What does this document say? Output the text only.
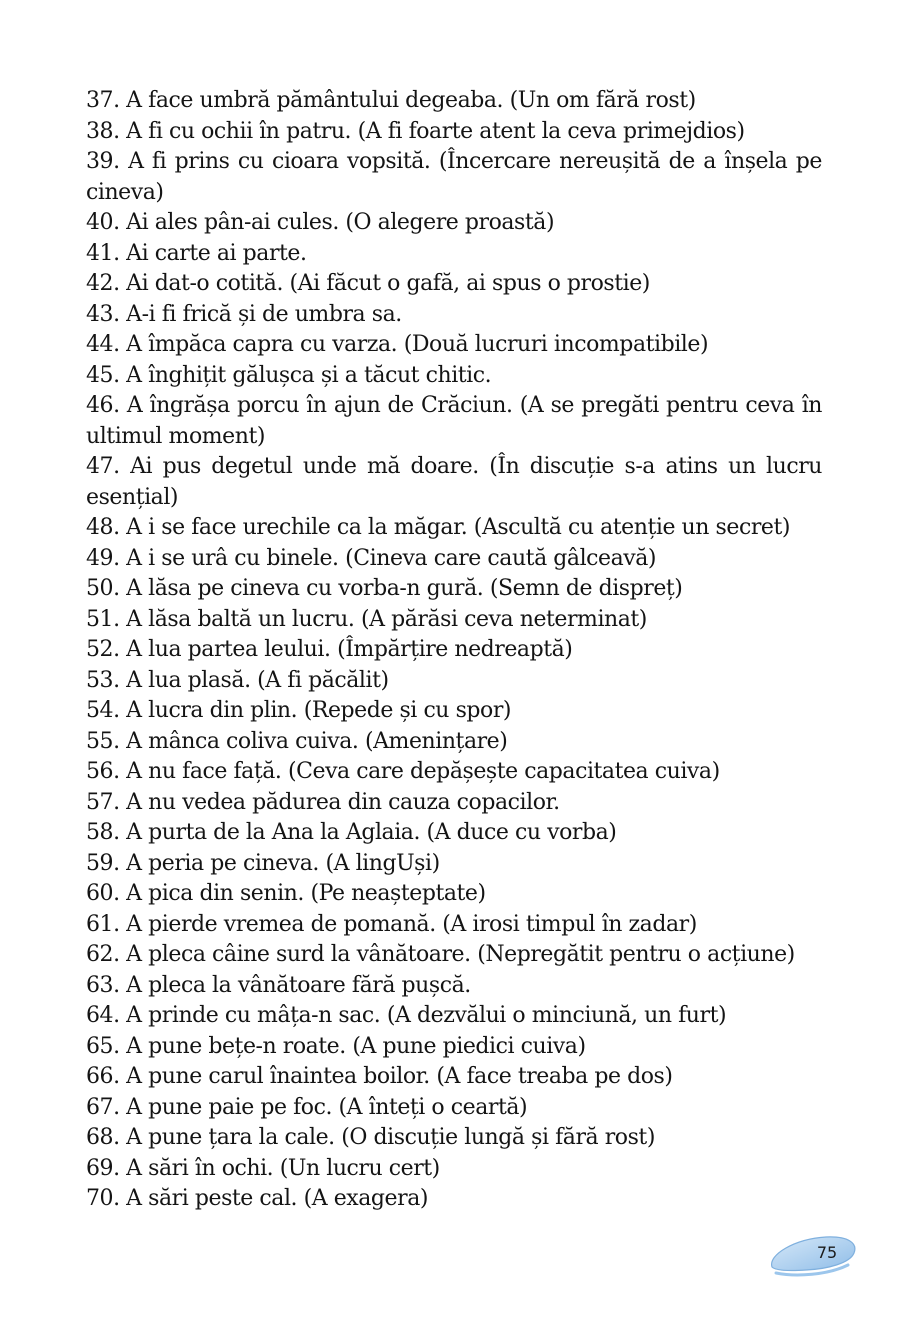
37. A face umbră pământului degeaba. (Un om fără rost)
38. A fi cu ochii în patru. (A fi foarte atent la ceva primejdios)
39. A fi prins cu cioara vopsită. (Încercare nereușită de a înșela pe cineva)
40. Ai ales pân-ai cules. (O alegere proastă)
41. Ai carte ai parte.
42. Ai dat-o cotită. (Ai făcut o gafă, ai spus o prostie)
43. A-i fi frică și de umbra sa.
44. A împăca capra cu varza. (Două lucruri incompatibile)
45. A înghițit gălușca și a tăcut chitic.
46. A îngrășa porcu în ajun de Crăciun. (A se pregăti pentru ceva în ultimul moment)
47. Ai pus degetul unde mă doare. (În discuție s-a atins un lucru esențial)
48. A i se face urechile ca la măgar. (Ascultă cu atenție un secret)
49. A i se urâ cu binele. (Cineva care caută gâlceavă)
50. A lăsa pe cineva cu vorba-n gură. (Semn de dispreț)
51. A lăsa baltă un lucru. (A părăsi ceva neterminat)
52. A lua partea leului. (Împărțire nedreaptă)
53. A lua plasă. (A fi păcălit)
54. A lucra din plin. (Repede și cu spor)
55. A mânca coliva cuiva. (Amenințare)
56. A nu face față. (Ceva care depășește capacitatea cuiva)
57. A nu vedea pădurea din cauza copacilor.
58. A purta de la Ana la Aglaia. (A duce cu vorba)
59. A peria pe cineva. (A lingUși)
60. A pica din senin. (Pe neașteptate)
61. A pierde vremea de pomană. (A irosi timpul în zadar)
62. A pleca câine surd la vânătoare. (Nepregătit pentru o acțiune)
63. A pleca la vânătoare fără pușcă.
64. A prinde cu mâța-n sac. (A dezvălui o minciună, un furt)
65. A pune bețe-n roate. (A pune piedici cuiva)
66. A pune carul înaintea boilor. (A face treaba pe dos)
67. A pune paie pe foc. (A înteți o ceartă)
68. A pune țara la cale. (O discuție lungă și fără rost)
69. A sări în ochi. (Un lucru cert)
70. A sări peste cal. (A exagera)
75
